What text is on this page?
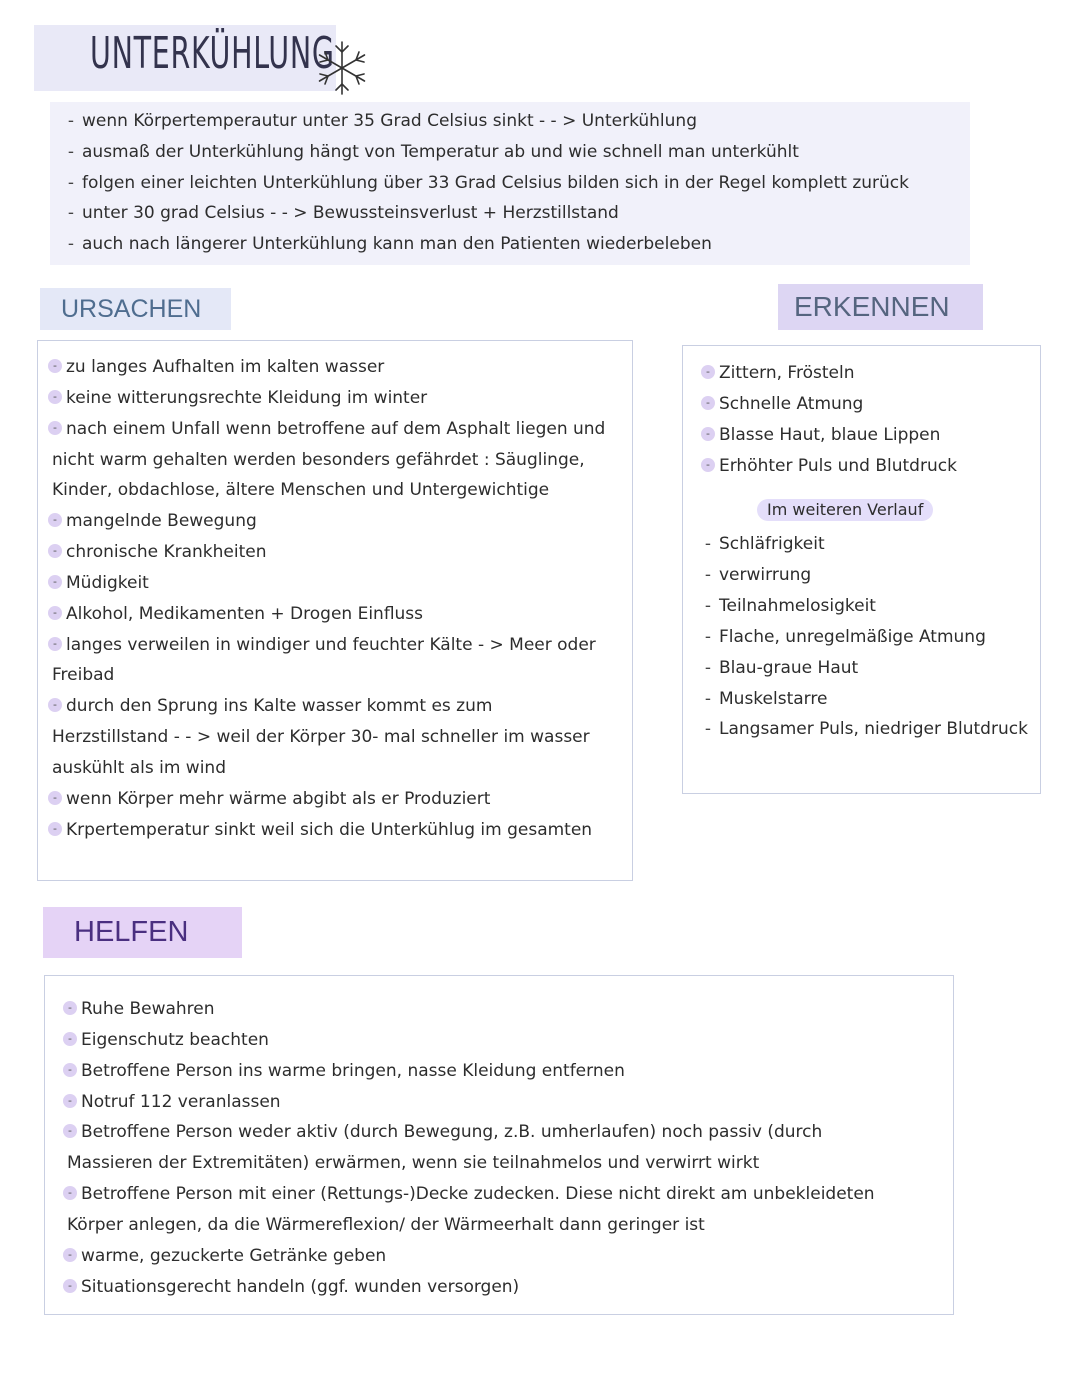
UNTERKÜHLUNG
- wenn Körpertemperautur unter 35 Grad Celsius sinkt - - > Unterkühlung
- ausmaß der Unterkühlung hängt von Temperatur ab und wie schnell man unterkühlt
- folgen einer leichten Unterkühlung über 33 Grad Celsius bilden sich in der Regel komplett zurück
- unter 30 grad Celsius - - > Bewussteinsverlust + Herzstillstand
- auch nach längerer Unterkühlung kann man den Patienten wiederbeleben
URSACHEN	ERKENNEN
HELFEN
- zu langes Aufhalten im kalten wasser
- keine witterungsrechte Kleidung im winter
- nach einem Unfall wenn betroffene auf dem Asphalt liegen und
nicht warm gehalten werden besonders gefährdet : Säuglinge,
Kinder, obdachlose, ältere Menschen und Untergewichtige
- mangelnde Bewegung
- chronische Krankheiten
- Müdigkeit
- Alkohol, Medikamenten + Drogen Einfluss
- langes verweilen in windiger und feuchter Kälte - > Meer oder
Freibad
- durch den Sprung ins Kalte wasser kommt es zum
Herzstillstand - - > weil der Körper 30- mal schneller im wasser
auskühlt als im wind
- wenn Körper mehr wärme abgibt als er Produziert
- Krpertemperatur sinkt weil sich die Unterkühlug im gesamten
- Zittern, Frösteln
- Schnelle Atmung
- Blasse Haut, blaue Lippen
- Erhöhter Puls und Blutdruck
Im weiteren Verlauf
- Schläfrigkeit
- verwirrung
- Teilnahmelosigkeit
- Flache, unregelmäßige Atmung
- Blau-graue Haut
- Muskelstarre
- Langsamer Puls, niedriger Blutdruck
- Ruhe Bewahren
- Eigenschutz beachten
- Betroffene Person ins warme bringen, nasse Kleidung entfernen
- Notruf 112 veranlassen
- Betroffene Person weder aktiv (durch Bewegung, z.B. umherlaufen) noch passiv (durch
Massieren der Extremitäten) erwärmen, wenn sie teilnahmelos und verwirrt wirkt
- Betroffene Person mit einer (Rettungs-)Decke zudecken. Diese nicht direkt am unbekleideten
Körper anlegen, da die Wärmereflexion/ der Wärmeerhalt dann geringer ist
- warme, gezuckerte Getränke geben
- Situationsgerecht handeln (ggf. wunden versorgen)
